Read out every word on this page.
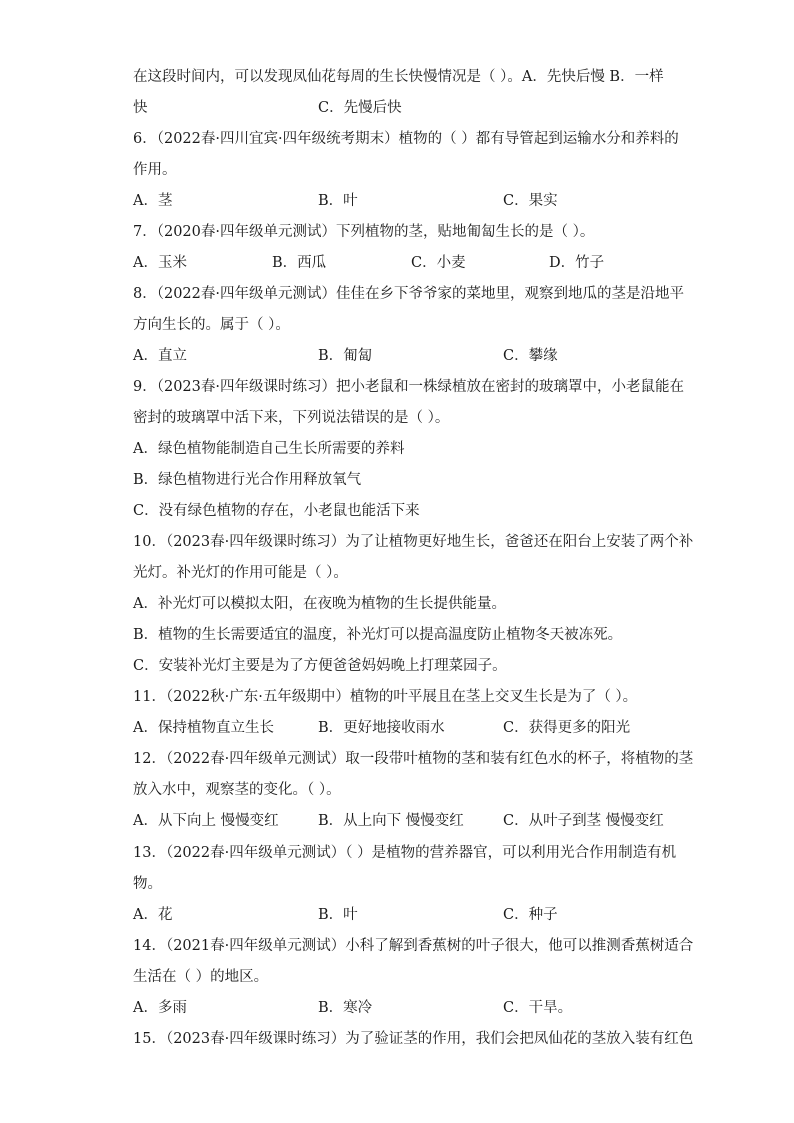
在这段时间内，可以发现凤仙花每周的生长快慢情况是（ ）。A．先快后慢 B．一样
快	C．先慢后快
6．（2022春·四川宜宾·四年级统考期末）植物的（ ）都有导管起到运输水分和养料的
作用。
A．茎	B．叶	C．果实
7．（2020春·四年级单元测试）下列植物的茎，贴地匍匐生长的是（ ）。
A．玉米	B．西瓜	C．小麦	D．竹子
8．（2022春·四年级单元测试）佳佳在乡下爷爷家的菜地里，观察到地瓜的茎是沿地平
方向生长的。属于（ ）。
A．直立	B．匍匐	C．攀缘
9．（2023春·四年级课时练习）把小老鼠和一株绿植放在密封的玻璃罩中，小老鼠能在
密封的玻璃罩中活下来，下列说法错误的是（ ）。
A．绿色植物能制造自己生长所需要的养料
B．绿色植物进行光合作用释放氧气
C．没有绿色植物的存在，小老鼠也能活下来
10．（2023春·四年级课时练习）为了让植物更好地生长，爸爸还在阳台上安装了两个补
光灯。补光灯的作用可能是（ ）。
A．补光灯可以模拟太阳，在夜晚为植物的生长提供能量。
B．植物的生长需要适宜的温度，补光灯可以提高温度防止植物冬天被冻死。
C．安装补光灯主要是为了方便爸爸妈妈晚上打理菜园子。
11．（2022秋·广东·五年级期中）植物的叶平展且在茎上交叉生长是为了（ ）。
A．保持植物直立生长	B．更好地接收雨水	C．获得更多的阳光
12．（2022春·四年级单元测试）取一段带叶植物的茎和装有红色水的杯子，将植物的茎
放入水中，观察茎的变化。（ ）。
A．从下向上 慢慢变红	B．从上向下 慢慢变红	C．从叶子到茎 慢慢变红
13．（2022春·四年级单元测试）（ ）是植物的营养器官，可以利用光合作用制造有机
物。
A．花	B．叶	C．种子
14．（2021春·四年级单元测试）小科了解到香蕉树的叶子很大，他可以推测香蕉树适合
生活在（ ）的地区。
A．多雨	B．寒冷	C．干旱。
15．（2023春·四年级课时练习）为了验证茎的作用，我们会把凤仙花的茎放入装有红色
